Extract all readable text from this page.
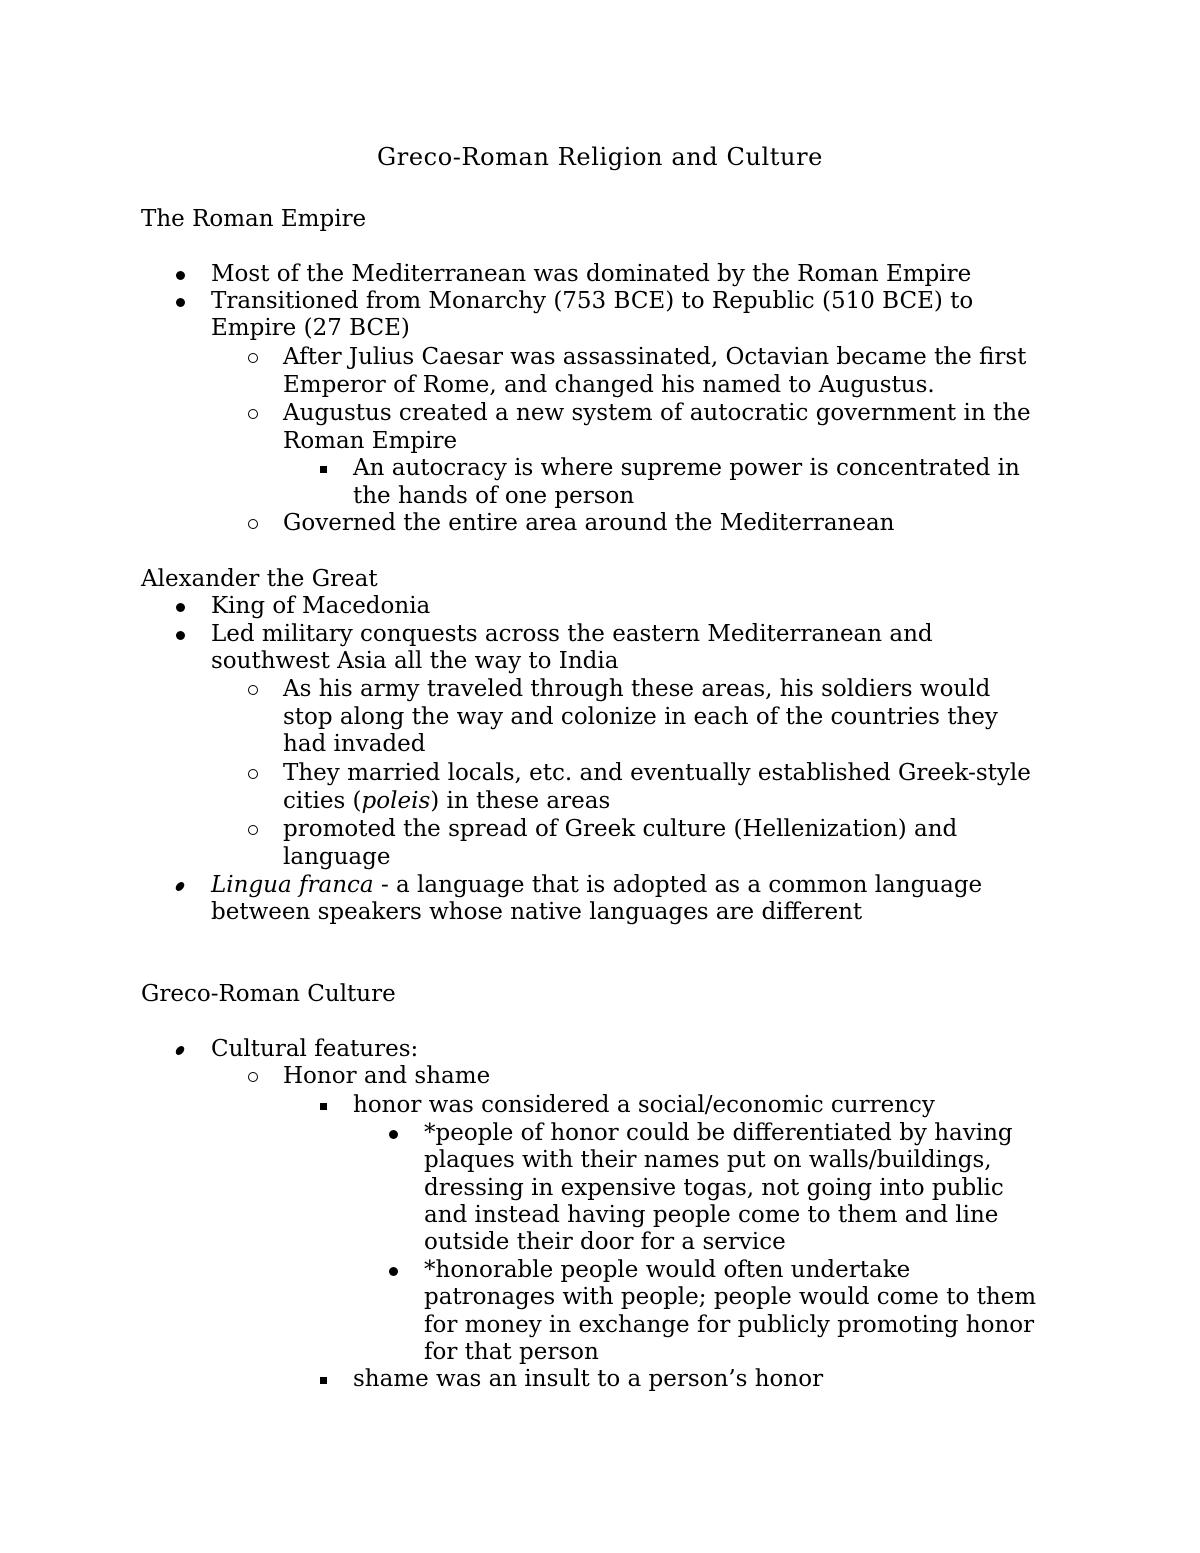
Greco-Roman Religion and Culture
The Roman Empire
Most of the Mediterranean was dominated by the Roman Empire
Transitioned from Monarchy (753 BCE) to Republic (510 BCE) to
Empire (27 BCE)
After Julius Caesar was assassinated, Octavian became the first
Emperor of Rome, and changed his named to Augustus.
Augustus created a new system of autocratic government in the
Roman Empire
An autocracy is where supreme power is concentrated in
the hands of one person
Governed the entire area around the Mediterranean
Alexander the Great
King of Macedonia
Led military conquests across the eastern Mediterranean and
southwest Asia all the way to India
As his army traveled through these areas, his soldiers would
stop along the way and colonize in each of the countries they
had invaded
They married locals, etc. and eventually established Greek-style
cities (poleis) in these areas
promoted the spread of Greek culture (Hellenization) and
language
Lingua franca - a language that is adopted as a common language
between speakers whose native languages are different
Greco-Roman Culture
Cultural features:
Honor and shame
honor was considered a social/economic currency
*people of honor could be differentiated by having
plaques with their names put on walls/buildings,
dressing in expensive togas, not going into public
and instead having people come to them and line
outside their door for a service
*honorable people would often undertake
patronages with people; people would come to them
for money in exchange for publicly promoting honor
for that person
shame was an insult to a person’s honor
